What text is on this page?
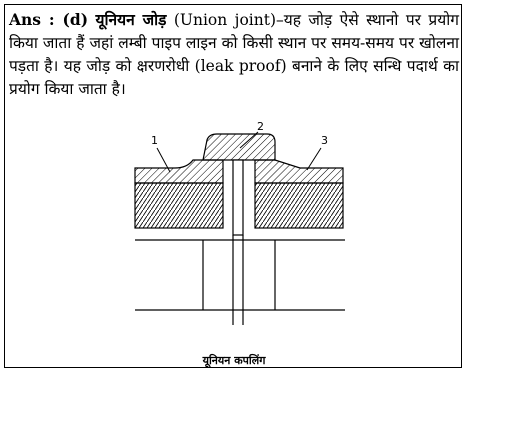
Ans : (d) यूनियन जोड़ (Union joint)–यह जोड़ ऐसे स्थानो पर प्रयोग किया जाता हैं जहां लम्बी पाइप लाइन को किसी स्थान पर समय-समय पर खोलना पड़ता है। यह जोड़ को क्षरणरोधी (leak proof) बनाने के लिए सन्धि पदार्थ का प्रयोग किया जाता है।

1
2
3

यूनियन कपलिंग
